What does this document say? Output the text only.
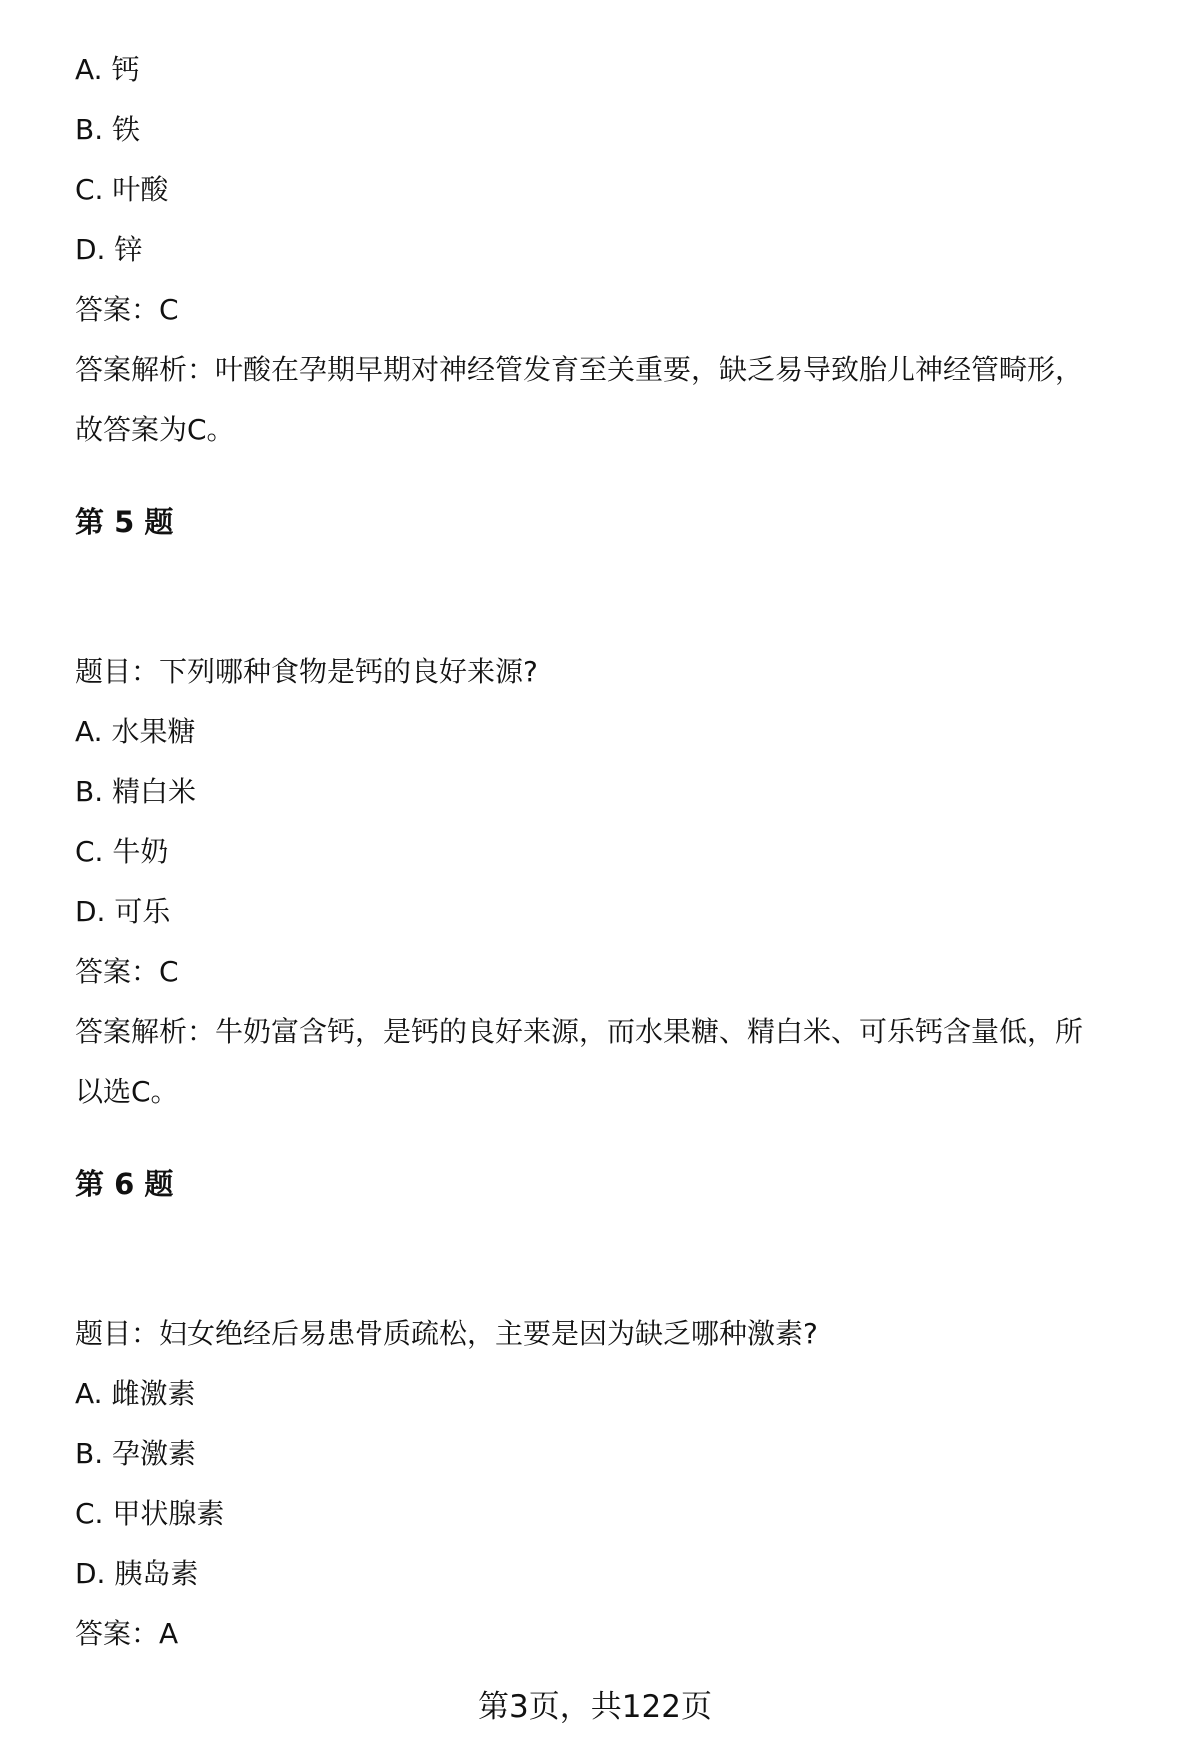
A. 钙
B. 铁
C. 叶酸
D. 锌
答案：C
答案解析：叶酸在孕期早期对神经管发育至关重要，缺乏易导致胎儿神经管畸形，
故答案为C。
第 5 题
题目：下列哪种食物是钙的良好来源?
A. 水果糖
B. 精白米
C. 牛奶
D. 可乐
答案：C
答案解析：牛奶富含钙，是钙的良好来源，而水果糖、精白米、可乐钙含量低，所
以选C。
第 6 题
题目：妇女绝经后易患骨质疏松，主要是因为缺乏哪种激素?
A. 雌激素
B. 孕激素
C. 甲状腺素
D. 胰岛素
答案：A
第3页，共122页
